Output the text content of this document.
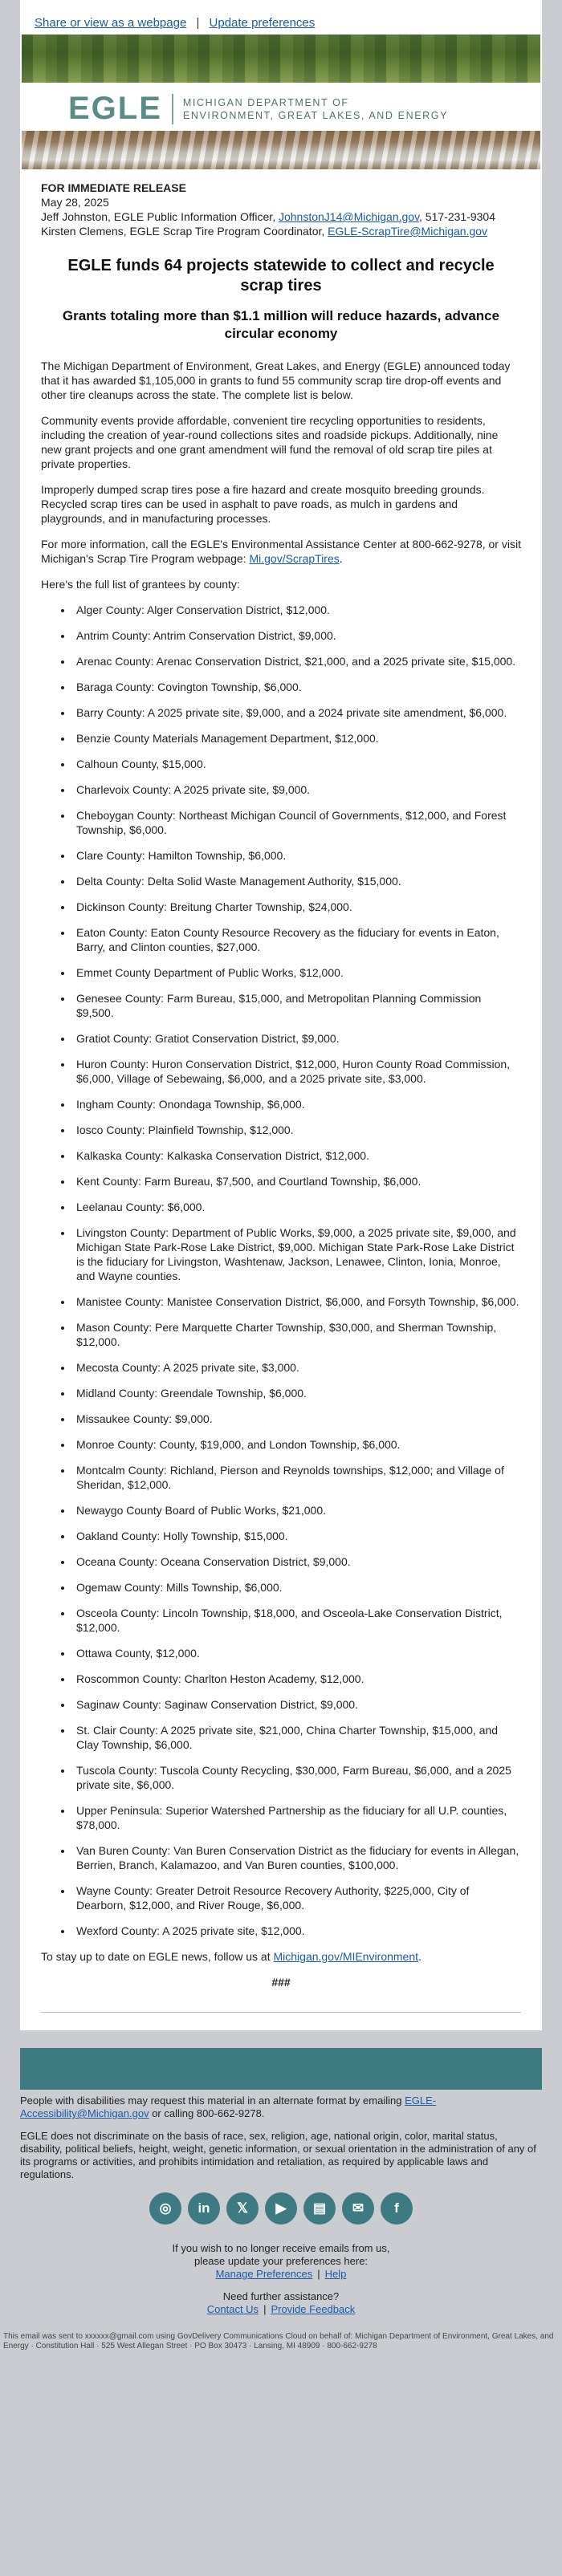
Share or view as a webpage | Update preferences
EGLE MICHIGAN DEPARTMENT OF
ENVIRONMENT, GREAT LAKES, AND ENERGY

FOR IMMEDIATE RELEASE

May 28, 2025

Jeff Johnston, EGLE Public Information Officer, JohnstonJ14@Michigan.gov, 517-231-9304

Kirsten Clemens, EGLE Scrap Tire Program Coordinator, EGLE-ScrapTire@Michigan.gov

EGLE funds 64 projects statewide to collect and recycle scrap tires
Grants totaling more than $1.1 million will reduce hazards, advance circular economy

The Michigan Department of Environment, Great Lakes, and Energy (EGLE) announced today that it has awarded $1,105,000 in grants to fund 55 community scrap tire drop-off events and other tire cleanups across the state. The complete list is below.

Community events provide affordable, convenient tire recycling opportunities to residents, including the creation of year-round collections sites and roadside pickups. Additionally, nine new grant projects and one grant amendment will fund the removal of old scrap tire piles at private properties.

Improperly dumped scrap tires pose a fire hazard and create mosquito breeding grounds. Recycled scrap tires can be used in asphalt to pave roads, as mulch in gardens and playgrounds, and in manufacturing processes.

For more information, call the EGLE's Environmental Assistance Center at 800-662-9278, or visit Michigan's Scrap Tire Program webpage: Mi.gov/ScrapTires.

Here's the full list of grantees by county:

• Alger County: Alger Conservation District, $12,000.
• Antrim County: Antrim Conservation District, $9,000.
• Arenac County: Arenac Conservation District, $21,000, and a 2025 private site, $15,000.
• Baraga County: Covington Township, $6,000.
• Barry County: A 2025 private site, $9,000, and a 2024 private site amendment, $6,000.
• Benzie County Materials Management Department, $12,000.
• Calhoun County, $15,000.
• Charlevoix County: A 2025 private site, $9,000.
• Cheboygan County: Northeast Michigan Council of Governments, $12,000, and Forest Township, $6,000.
• Clare County: Hamilton Township, $6,000.
• Delta County: Delta Solid Waste Management Authority, $15,000.
• Dickinson County: Breitung Charter Township, $24,000.
• Eaton County: Eaton County Resource Recovery as the fiduciary for events in Eaton, Barry, and Clinton counties, $27,000.
• Emmet County Department of Public Works, $12,000.
• Genesee County: Farm Bureau, $15,000, and Metropolitan Planning Commission $9,500.
• Gratiot County: Gratiot Conservation District, $9,000.
• Huron County: Huron Conservation District, $12,000, Huron County Road Commission, $6,000, Village of Sebewaing, $6,000, and a 2025 private site, $3,000.
• Ingham County: Onondaga Township, $6,000.
• Iosco County: Plainfield Township, $12,000.
• Kalkaska County: Kalkaska Conservation District, $12,000.
• Kent County: Farm Bureau, $7,500, and Courtland Township, $6,000.
• Leelanau County: $6,000.
• Livingston County: Department of Public Works, $9,000, a 2025 private site, $9,000, and Michigan State Park-Rose Lake District, $9,000. Michigan State Park-Rose Lake District is the fiduciary for Livingston, Washtenaw, Jackson, Lenawee, Clinton, Ionia, Monroe, and Wayne counties.
• Manistee County: Manistee Conservation District, $6,000, and Forsyth Township, $6,000.
• Mason County: Pere Marquette Charter Township, $30,000, and Sherman Township, $12,000.
• Mecosta County: A 2025 private site, $3,000.
• Midland County: Greendale Township, $6,000.
• Missaukee County: $9,000.
• Monroe County: County, $19,000, and London Township, $6,000.
• Montcalm County: Richland, Pierson and Reynolds townships, $12,000; and Village of Sheridan, $12,000.
• Newaygo County Board of Public Works, $21,000.
• Oakland County: Holly Township, $15,000.
• Oceana County: Oceana Conservation District, $9,000.
• Ogemaw County: Mills Township, $6,000.
• Osceola County: Lincoln Township, $18,000, and Osceola-Lake Conservation District, $12,000.
• Ottawa County, $12,000.
• Roscommon County: Charlton Heston Academy, $12,000.
• Saginaw County: Saginaw Conservation District, $9,000.
• St. Clair County: A 2025 private site, $21,000, China Charter Township, $15,000, and Clay Township, $6,000.
• Tuscola County: Tuscola County Recycling, $30,000, Farm Bureau, $6,000, and a 2025 private site, $6,000.
• Upper Peninsula: Superior Watershed Partnership as the fiduciary for all U.P. counties, $78,000.
• Van Buren County: Van Buren Conservation District as the fiduciary for events in Allegan, Berrien, Branch, Kalamazoo, and Van Buren counties, $100,000.
• Wayne County: Greater Detroit Resource Recovery Authority, $225,000, City of Dearborn, $12,000, and River Rouge, $6,000.
• Wexford County: A 2025 private site, $12,000.

To stay up to date on EGLE news, follow us at Michigan.gov/MIEnvironment.

###

People with disabilities may request this material in an alternate format by emailing EGLE-Accessibility@Michigan.gov or calling 800-662-9278.

EGLE does not discriminate on the basis of race, sex, religion, age, national origin, color, marital status, disability, political beliefs, height, weight, genetic information, or sexual orientation in the administration of any of its programs or activities, and prohibits intimidation and retaliation, as required by applicable laws and regulations.

◎	in	𝕏	▶	▤	✉	f
If you wish to no longer receive emails from us,
please update your preferences here:
Manage Preferences | Help
Need further assistance?
Contact Us | Provide Feedback
This email was sent to xxxxxx@gmail.com using GovDelivery Communications Cloud on behalf of: Michigan Department of Environment, Great Lakes, and Energy · Constitution Hall · 525 West Allegan Street · PO Box 30473 · Lansing, MI 48909 · 800-662-9278
